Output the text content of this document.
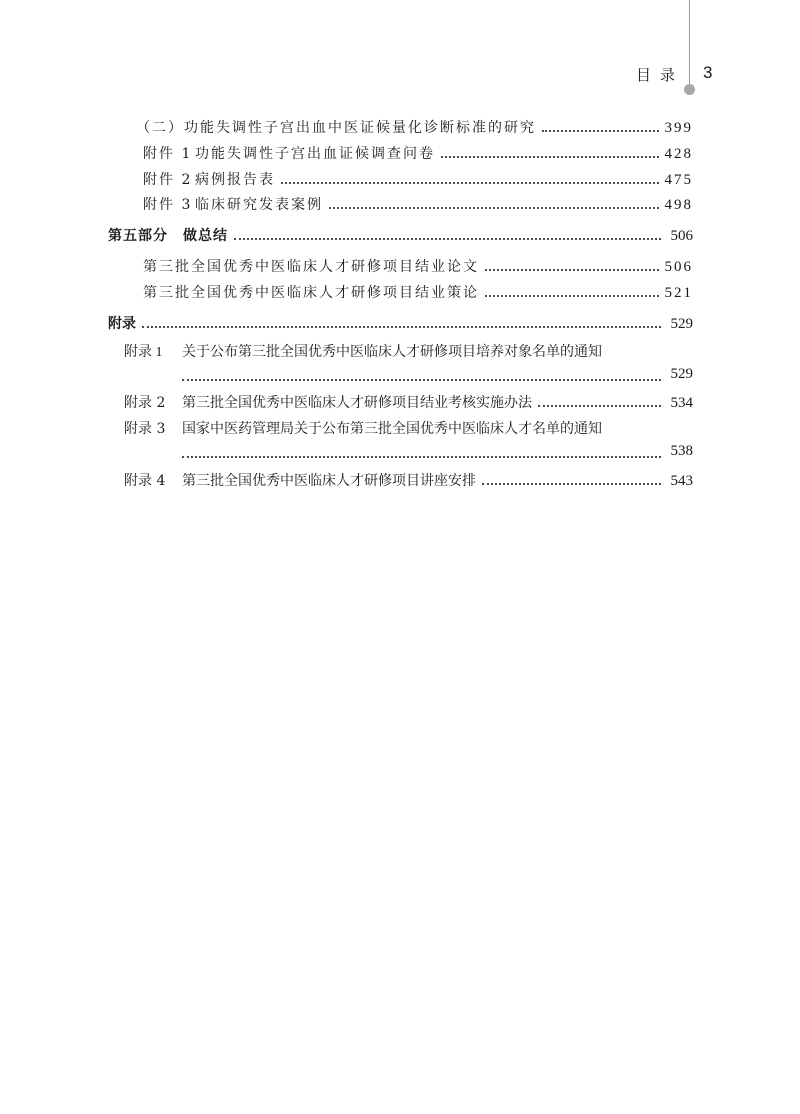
目录 3
（二）功能失调性子宫出血中医证候量化诊断标准的研究	399
附件 1 功能失调性子宫出血证候调查问卷	428
附件 2 病例报告表	475
附件 3 临床研究发表案例	498
第五部分　做总结	506
第三批全国优秀中医临床人才研修项目结业论文	506
第三批全国优秀中医临床人才研修项目结业策论	521
附录	529
附录 1	关于公布第三批全国优秀中医临床人才研修项目培养对象名单的通知
529
附录 2	第三批全国优秀中医临床人才研修项目结业考核实施办法	534
附录 3	国家中医药管理局关于公布第三批全国优秀中医临床人才名单的通知
538
附录 4	第三批全国优秀中医临床人才研修项目讲座安排	543
